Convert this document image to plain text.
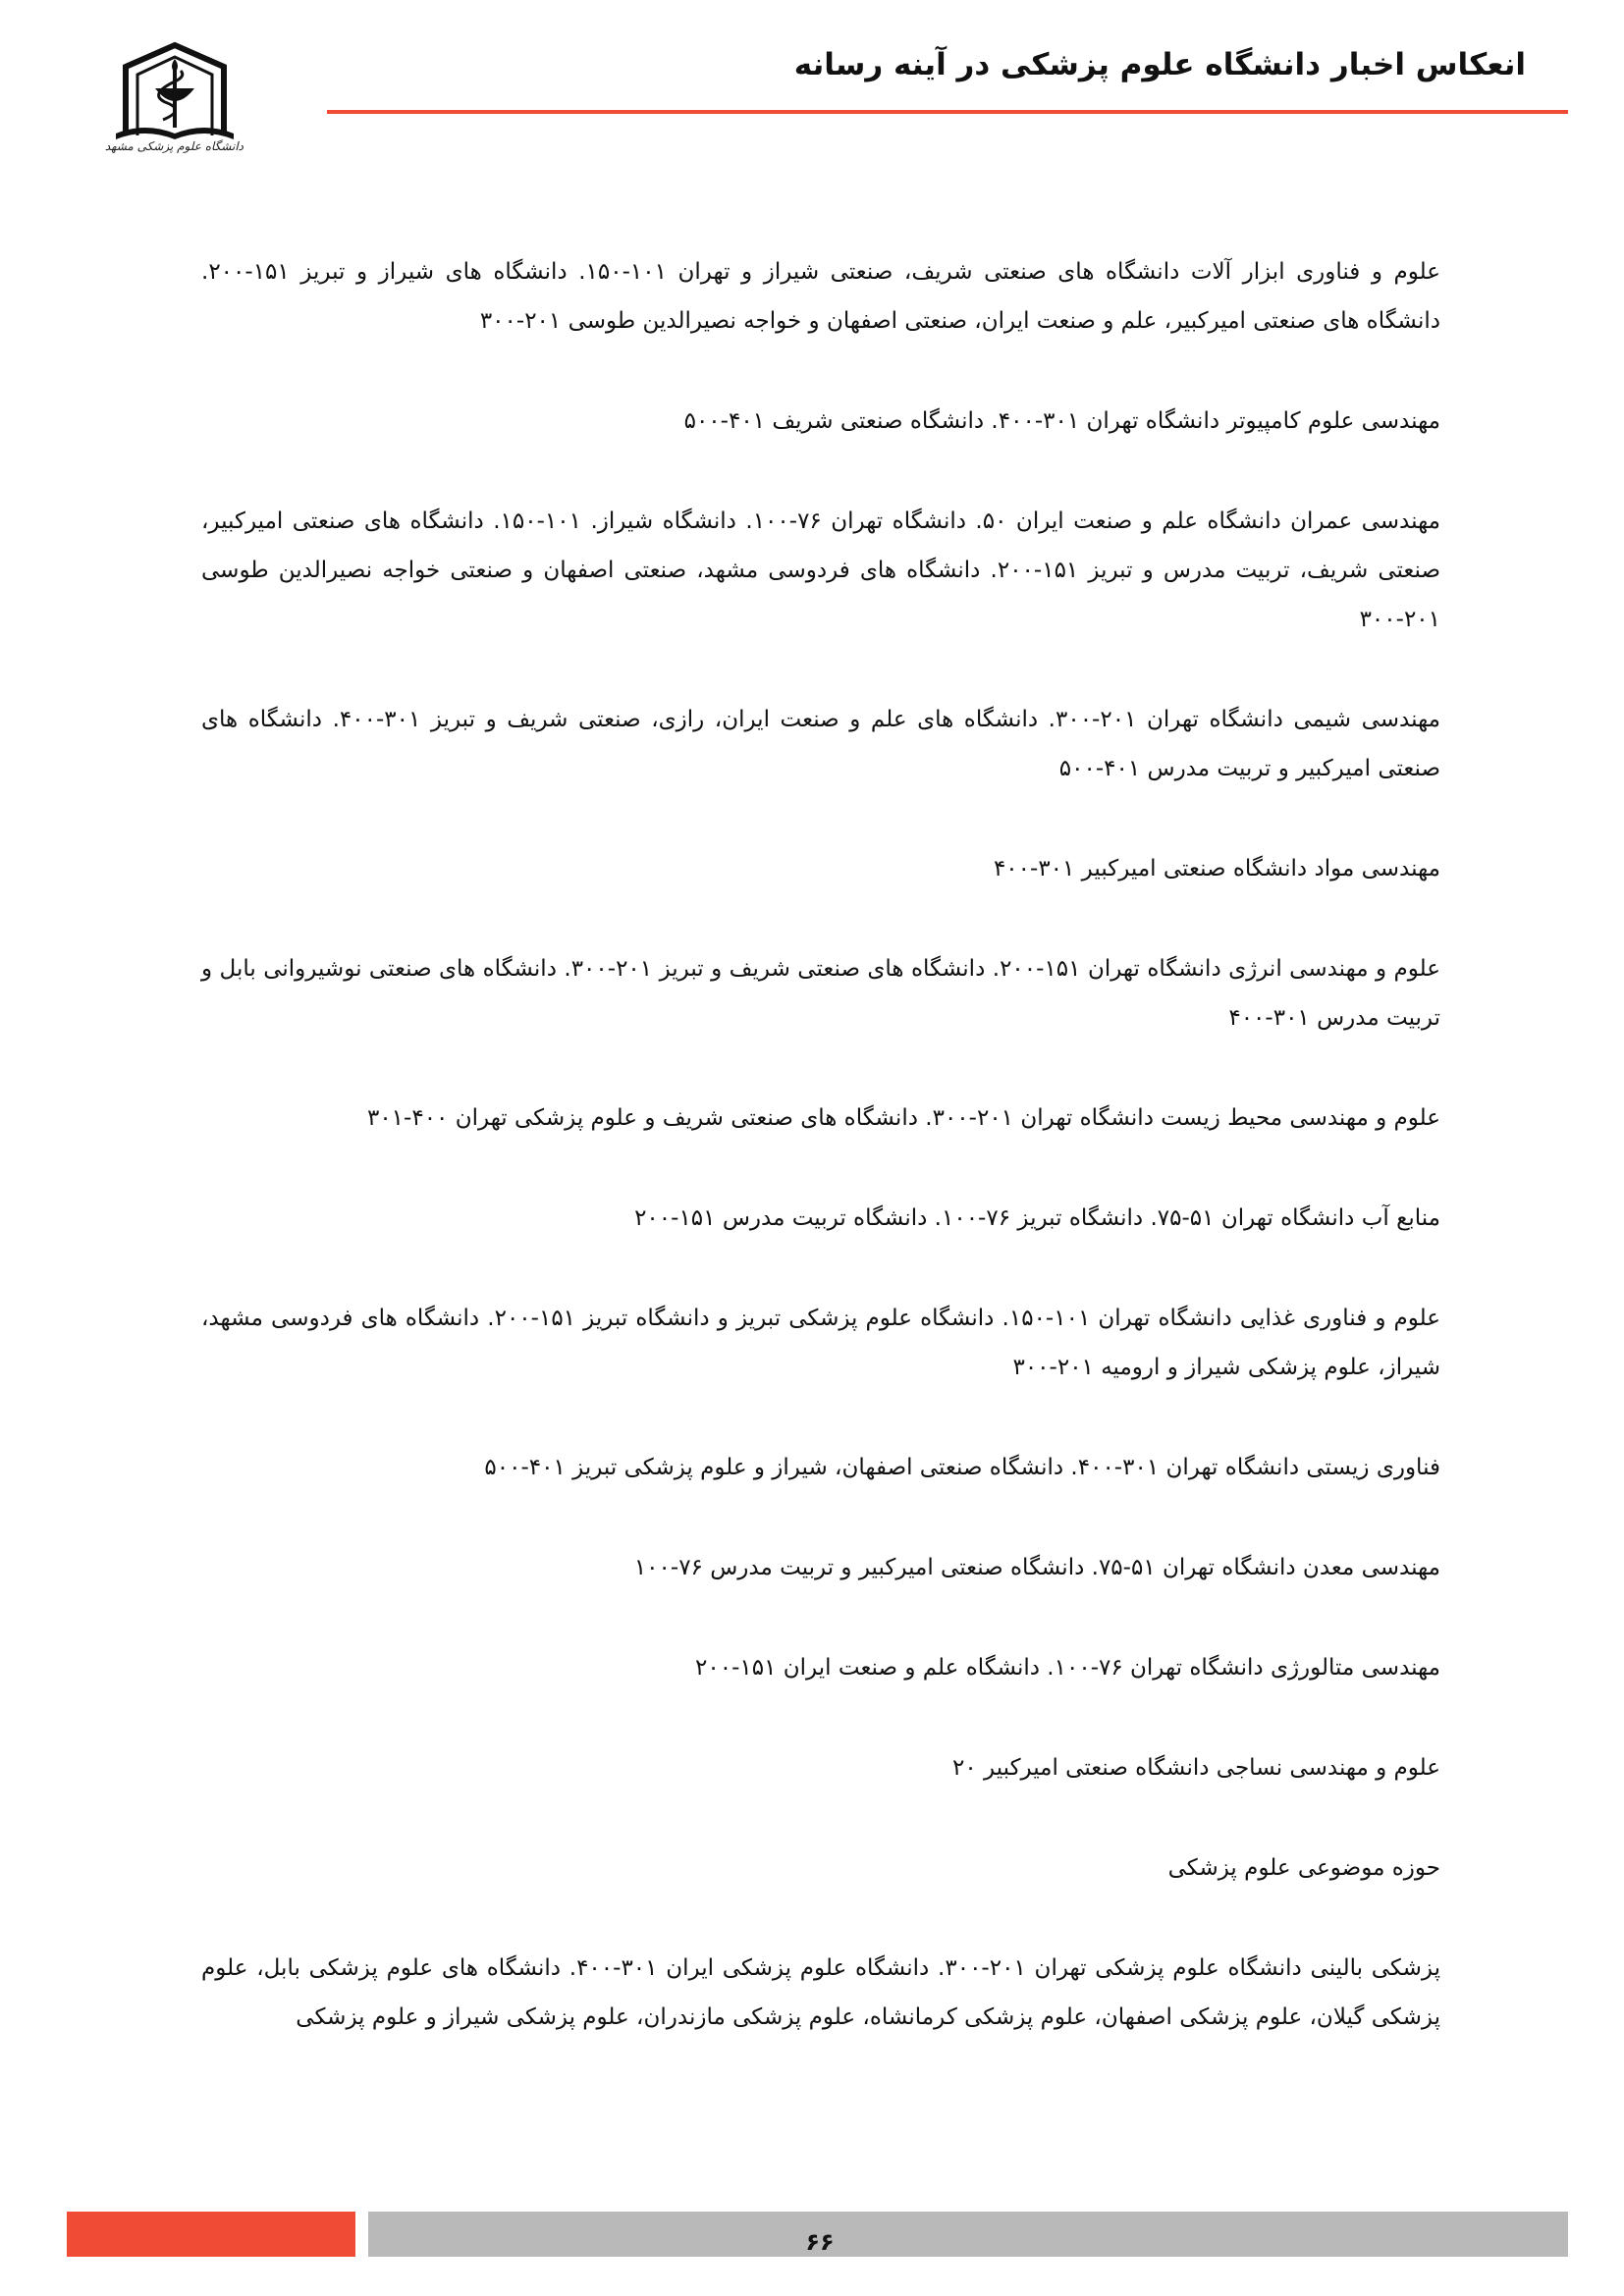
دانشگاه علوم پزشکی مشهد
انعکاس اخبار دانشگاه علوم پزشکی در آینه رسانه

علوم و فناوری ابزار آلات دانشگاه های صنعتی شریف، صنعتی شیراز و تهران ۱۰۱-۱۵۰. دانشگاه های شیراز و تبریز ۱۵۱-۲۰۰. دانشگاه های صنعتی امیرکبیر، علم و صنعت ایران، صنعتی اصفهان و خواجه نصیرالدین طوسی ۲۰۱-۳۰۰

مهندسی علوم کامپیوتر دانشگاه تهران ۳۰۱-۴۰۰. دانشگاه صنعتی شریف ۴۰۱-۵۰۰

مهندسی عمران دانشگاه علم و صنعت ایران ۵۰. دانشگاه تهران ۷۶-۱۰۰. دانشگاه شیراز. ۱۰۱-۱۵۰. دانشگاه های صنعتی امیرکبیر، صنعتی شریف، تربیت مدرس و تبریز ۱۵۱-۲۰۰. دانشگاه های فردوسی مشهد، صنعتی اصفهان و صنعتی خواجه نصیرالدین طوسی ۲۰۱-۳۰۰

مهندسی شیمی دانشگاه تهران ۲۰۱-۳۰۰. دانشگاه های علم و صنعت ایران، رازی، صنعتی شریف و تبریز ۳۰۱-۴۰۰. دانشگاه های صنعتی امیرکبیر و تربیت مدرس ۴۰۱-۵۰۰

مهندسی مواد دانشگاه صنعتی امیرکبیر ۳۰۱-۴۰۰

علوم و مهندسی انرژی دانشگاه تهران ۱۵۱-۲۰۰. دانشگاه های صنعتی شریف و تبریز ۲۰۱-۳۰۰. دانشگاه های صنعتی نوشیروانی بابل و تربیت مدرس ۳۰۱-۴۰۰

علوم و مهندسی محیط زیست دانشگاه تهران ۲۰۱-۳۰۰. دانشگاه های صنعتی شریف و علوم پزشکی تهران ۴۰۰-۳۰۱

منابع آب دانشگاه تهران ۵۱-۷۵. دانشگاه تبریز ۷۶-۱۰۰. دانشگاه تربیت مدرس ۱۵۱-۲۰۰

علوم و فناوری غذایی دانشگاه تهران ۱۰۱-۱۵۰. دانشگاه علوم پزشکی تبریز و دانشگاه تبریز ۱۵۱-۲۰۰. دانشگاه های فردوسی مشهد، شیراز، علوم پزشکی شیراز و ارومیه ۲۰۱-۳۰۰

فناوری زیستی دانشگاه تهران ۳۰۱-۴۰۰. دانشگاه صنعتی اصفهان، شیراز و علوم پزشکی تبریز ۴۰۱-۵۰۰

مهندسی معدن دانشگاه تهران ۵۱-۷۵. دانشگاه صنعتی امیرکبیر و تربیت مدرس ۷۶-۱۰۰

مهندسی متالورژی دانشگاه تهران ۷۶-۱۰۰. دانشگاه علم و صنعت ایران ۱۵۱-۲۰۰

علوم و مهندسی نساجی دانشگاه صنعتی امیرکبیر ۲۰

حوزه موضوعی علوم پزشکی

پزشکی بالینی دانشگاه علوم پزشکی تهران ۲۰۱-۳۰۰. دانشگاه علوم پزشکی ایران ۳۰۱-۴۰۰. دانشگاه های علوم پزشکی بابل، علوم پزشکی گیلان، علوم پزشکی اصفهان، علوم پزشکی کرمانشاه، علوم پزشکی مازندران، علوم پزشکی شیراز و علوم پزشکی

۶۶
